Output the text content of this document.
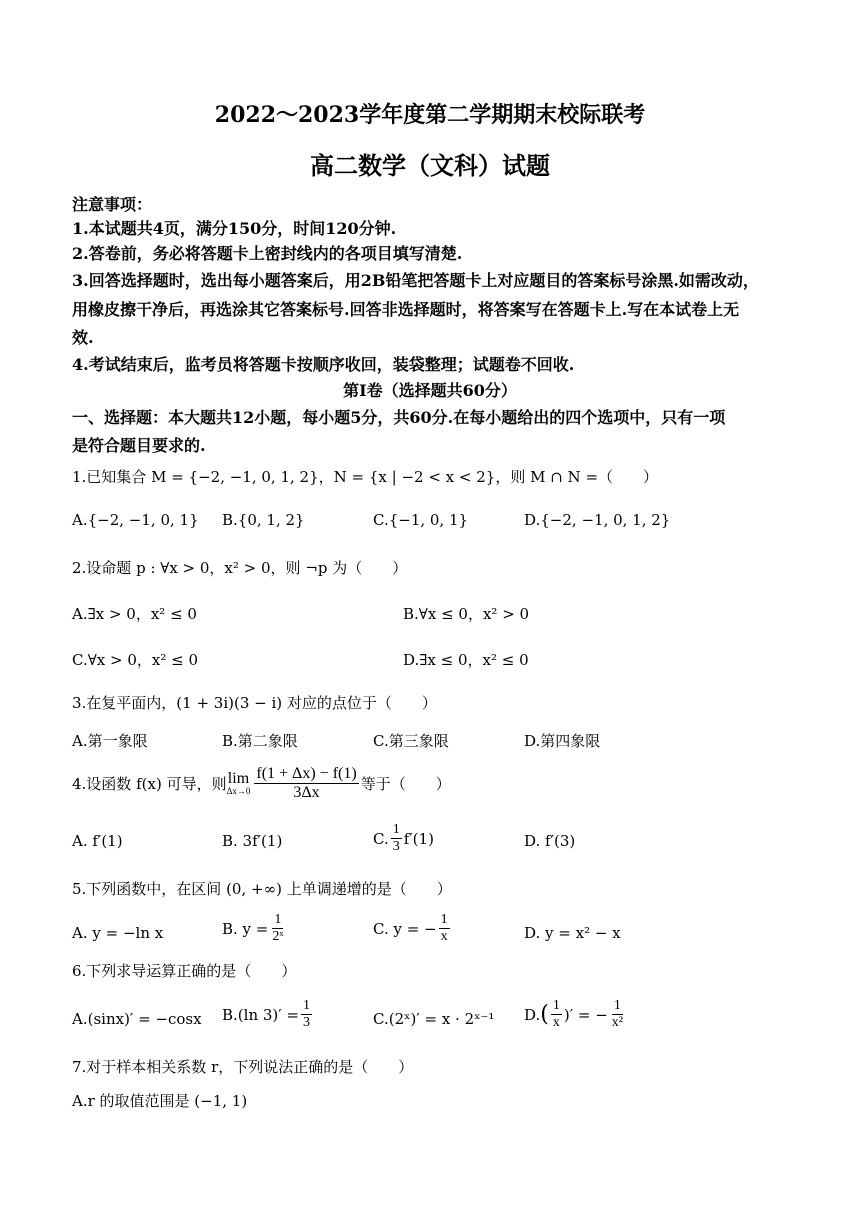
2022～2023学年度第二学期期末校际联考
高二数学（文科）试题
注意事项：
1.本试题共4页，满分150分，时间120分钟.
2.答卷前，务必将答题卡上密封线内的各项目填写清楚.
3.回答选择题时，选出每小题答案后，用2B铅笔把答题卡上对应题目的答案标号涂黑.如需改动，
用橡皮擦干净后，再选涂其它答案标号.回答非选择题时，将答案写在答题卡上.写在本试卷上无
效.
4.考试结束后，监考员将答题卡按顺序收回，装袋整理；试题卷不回收.
第Ⅰ卷（选择题共60分）
一、选择题：本大题共12小题，每小题5分，共60分.在每小题给出的四个选项中，只有一项
是符合题目要求的.
1.已知集合 M = {−2, −1, 0, 1, 2}，N = {x | −2 < x < 2}，则 M ∩ N =（　　）
A.{−2, −1, 0, 1} B.{0, 1, 2}	C.{−1, 0, 1}	D.{−2, −1, 0, 1, 2}
2.设命题 p : ∀x > 0，x² > 0，则 ¬p 为（　　）
A.∃x > 0，x² ≤ 0	B.∀x ≤ 0，x² > 0
C.∀x > 0，x² ≤ 0	D.∃x ≤ 0，x² ≤ 0
3.在复平面内，(1 + 3i)(3 − i) 对应的点位于（　　）
A.第一象限	B.第二象限	C.第三象限	D.第四象限
4.设函数 f(x) 可导，则 lim
$\Delta x\to 0 \frac{f(1 + \Delta x) - f(1)}{3\Delta x}$ 等于（　　）
A. f′(1)	B. 3f′(1)	C. $\frac{1}{3} f'(1)$	D. f′(3)
5.下列函数中，在区间 (0, +∞) 上单调递增的是（　　）
A. y = −ln x	B. $y = \frac{1}{\text{2ˣ}}$	C. y = − $\frac{1}{x}$	D. y = x² − x
6.下列求导运算正确的是（　　）
A.(sinx)′ = −cosx B.(ln $3)' = \frac{1}{3}$	C.(2ˣ)′ = x · 2ˣ⁻¹ D. ( $\frac{1}{x}$ )′ = − $\frac{1}{\text{x²}}$
7.对于样本相关系数 r，下列说法正确的是（　　）
A.r 的取值范围是 (−1, 1)
